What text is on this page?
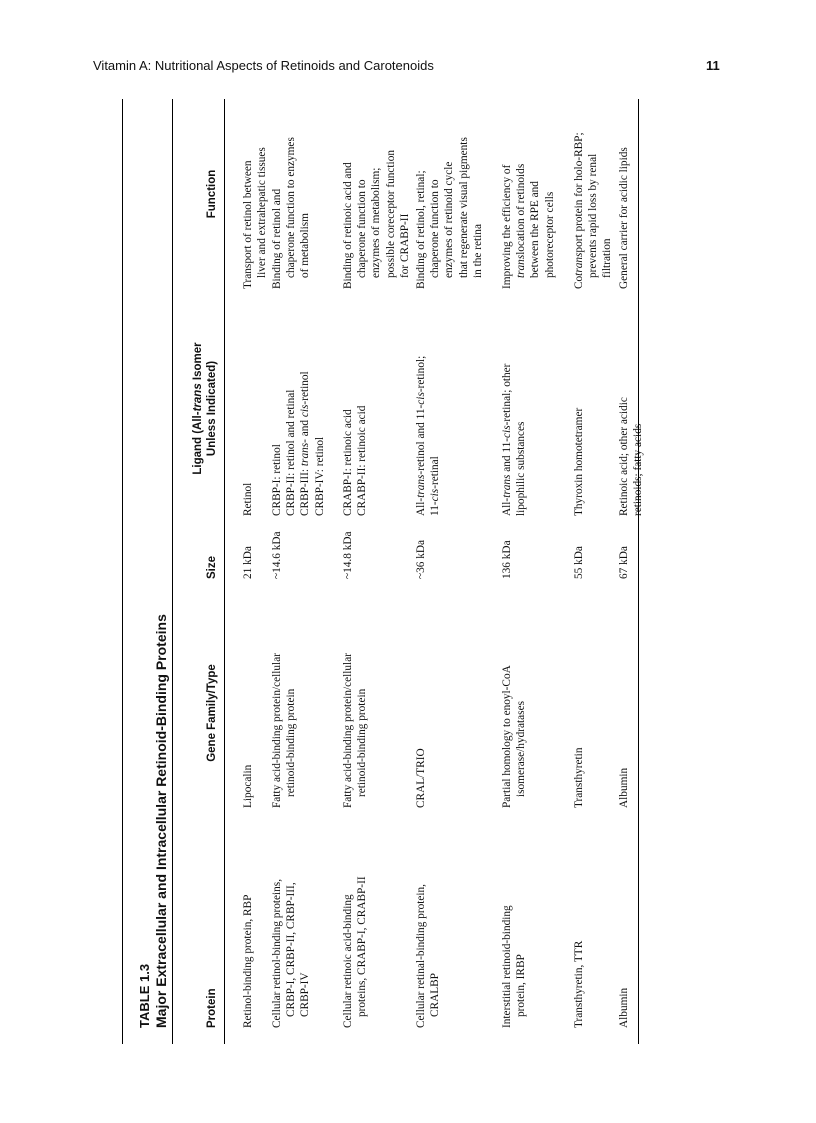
Vitamin A: Nutritional Aspects of Retinoids and Carotenoids	11
TABLE 1.3 Major Extracellular and Intracellular Retinoid-Binding Proteins	Protein
Gene Family/Type
Size
Ligand (All-trans Isomer Unless Indicated)
Function
Retinol-binding protein, RBP
Lipocalin
21 kDa
Retinol
Transport of retinol between liver and extrahepatic tissues
Cellular retinol-binding proteins, CRBP-I, CRBP-II, CRBP-III, CRBP-IV
Fatty acid-binding protein/cellular retinoid-binding protein
~14.6 kDa
CRBP-I: retinol CRBP-II: retinol and retinal CRBP-III: trans- and cis-retinol
CRBP-IV: retinol
Binding of retinol and chaperone function to enzymes of metabolism
Cellular retinoic acid-binding proteins, CRABP-I, CRABP-II
Fatty acid-binding protein/cellular retinoid-binding protein
~14.8 kDa
CRABP-I: retinoic acid CRABP-II: retinoic acid
Binding of retinoic acid and chaperone function to enzymes of metabolism; possible coreceptor function for CRABP-II
Cellular retinal-binding protein, CRALBP
CRAL/TRIO
~36 kDa
All-trans-retinol and 11-cis-retinol;
11-cis-retinal
Binding of retinol, retinal; chaperone function to enzymes of retinoid cycle that regenerate visual pigments in the retina
Interstitial retinoid-binding protein, IRBP
Partial homology to enoyl-CoA isomerase/hydratases
136 kDa
All-trans and 11-cis-retinal; other
lipophilic substances
Improving the efficiency of translocation of retinoids between the RPE and photoreceptor cells
Transthyretin, TTR
Transthyretin
55 kDa
Thyroxin homotetramer
Cotransport protein for holo-RBP; prevents rapid loss by renal filtration
Albumin
Albumin
67 kDa
Retinoic acid; other acidic retinoids; fatty acids
General carrier for acidic lipids
